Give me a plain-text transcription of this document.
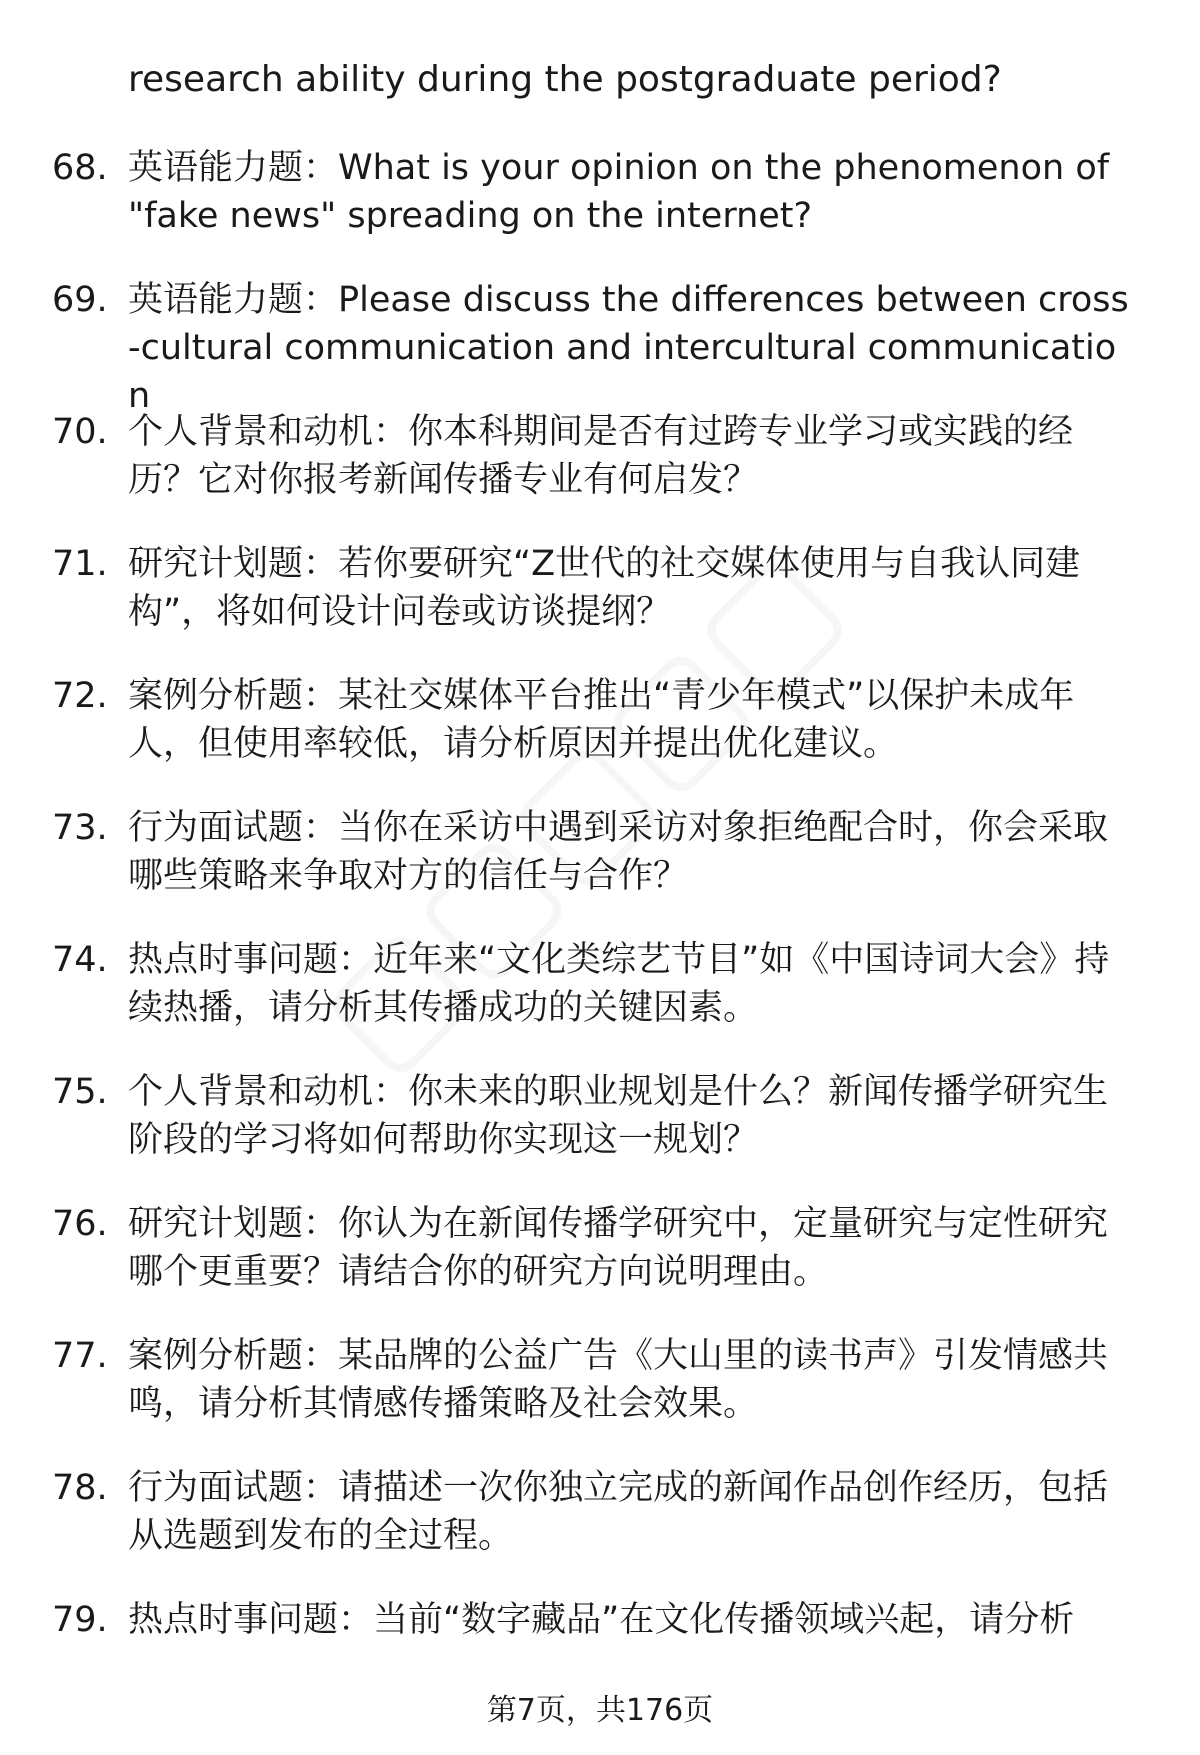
research ability during the postgraduate period?
68. 英语能力题：What is your opinion on the phenomenon of "fake news" spreading on the internet?
69. 英语能力题：Please discuss the differences between cross-cultural communication and intercultural communication
70. 个人背景和动机：你本科期间是否有过跨专业学习或实践的经历？它对你报考新闻传播专业有何启发？
71. 研究计划题：若你要研究“Z世代的社交媒体使用与自我认同建构”，将如何设计问卷或访谈提纲？
72. 案例分析题：某社交媒体平台推出“青少年模式”以保护未成年人，但使用率较低，请分析原因并提出优化建议。
73. 行为面试题：当你在采访中遇到采访对象拒绝配合时，你会采取哪些策略来争取对方的信任与合作？
74. 热点时事问题：近年来“文化类综艺节目”如《中国诗词大会》持续热播，请分析其传播成功的关键因素。
75. 个人背景和动机：你未来的职业规划是什么？新闻传播学研究生阶段的学习将如何帮助你实现这一规划？
76. 研究计划题：你认为在新闻传播学研究中，定量研究与定性研究哪个更重要？请结合你的研究方向说明理由。
77. 案例分析题：某品牌的公益广告《大山里的读书声》引发情感共鸣，请分析其情感传播策略及社会效果。
78. 行为面试题：请描述一次你独立完成的新闻作品创作经历，包括从选题到发布的全过程。
79. 热点时事问题：当前“数字藏品”在文化传播领域兴起，请分析
第7页，共176页
